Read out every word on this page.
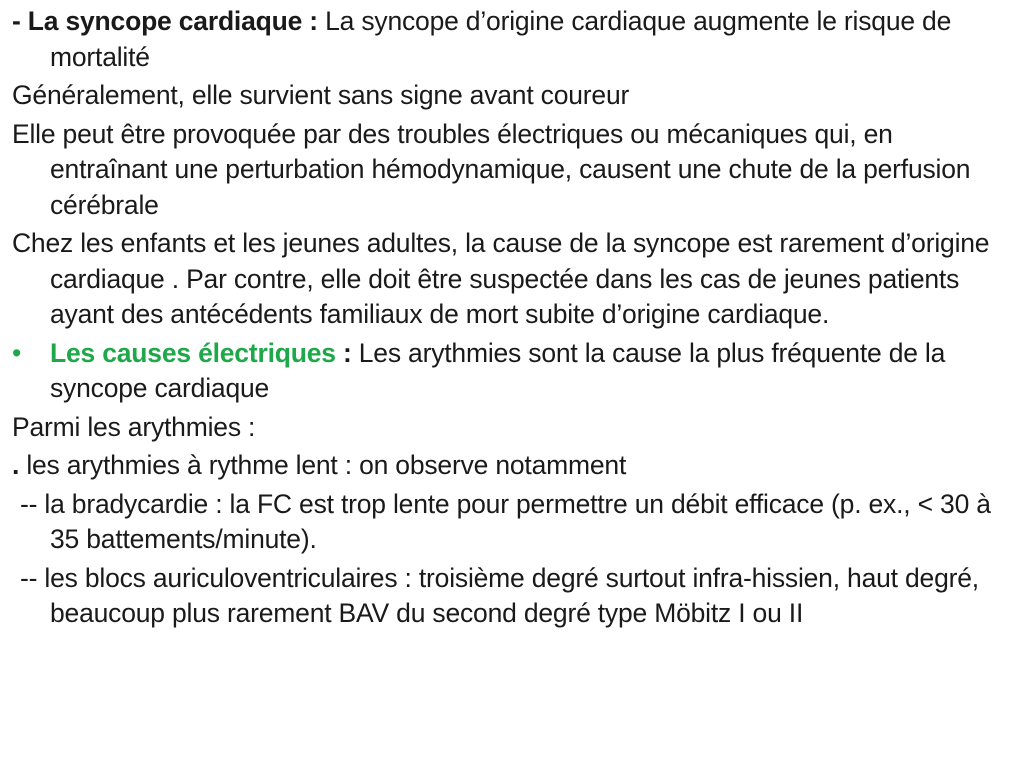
- La syncope cardiaque : La syncope d’origine cardiaque augmente le risque de mortalité

Généralement, elle survient sans signe avant coureur

Elle peut être provoquée par des troubles électriques ou mécaniques qui, en entraînant une perturbation hémodynamique, causent une chute de la perfusion cérébrale

Chez les enfants et les jeunes adultes, la cause de la syncope est rarement d’origine cardiaque . Par contre, elle doit être suspectée dans les cas de jeunes patients ayant des antécédents familiaux de mort subite d’origine cardiaque.

•	Les causes électriques : Les arythmies sont la cause la plus fréquente de la syncope cardiaque

Parmi les arythmies :

. les arythmies à rythme lent : on observe notamment

-- la bradycardie : la FC est trop lente pour permettre un débit efficace (p. ex., < 30 à 35 battements/minute).

-- les blocs auriculoventriculaires : troisième degré surtout infra-hissien, haut degré, beaucoup plus rarement BAV du second degré type Möbitz I ou II
